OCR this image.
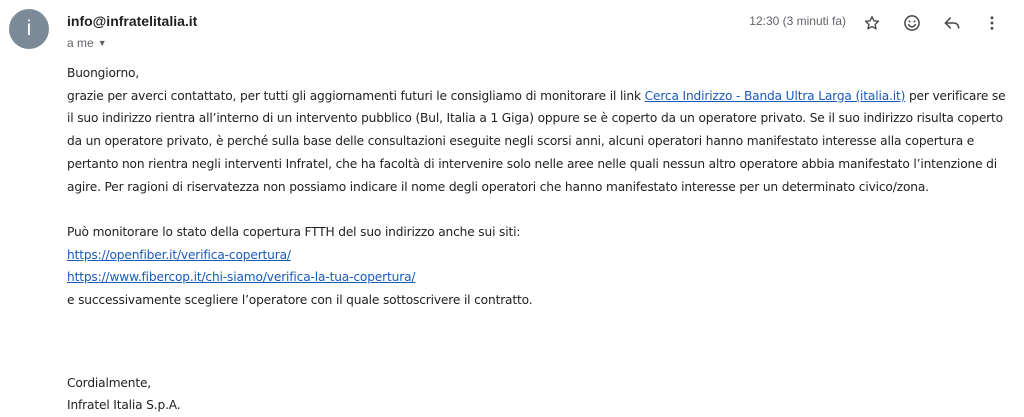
i	info@infratelitalia.it
a me ▼
12:30 (3 minuti fa)

Buongiorno,

grazie per averci contattato, per tutti gli aggiornamenti futuri le consigliamo di monitorare il link Cerca Indirizzo - Banda Ultra Larga (italia.it) per verificare se il suo indirizzo rientra all’interno di un intervento pubblico (Bul, Italia a 1 Giga) oppure se è coperto da un operatore privato. Se il suo indirizzo risulta coperto da un operatore privato, è perché sulla base delle consultazioni eseguite negli scorsi anni, alcuni operatori hanno manifestato interesse alla copertura e pertanto non rientra negli interventi Infratel, che ha facoltà di intervenire solo nelle aree nelle quali nessun altro operatore abbia manifestato l’intenzione di agire. Per ragioni di riservatezza non possiamo indicare il nome degli operatori che hanno manifestato interesse per un determinato civico/zona.

Può monitorare lo stato della copertura FTTH del suo indirizzo anche sui siti:

https://openfiber.it/verifica-copertura/

https://www.fibercop.it/chi-siamo/verifica-la-tua-copertura/

e successivamente scegliere l’operatore con il quale sottoscrivere il contratto.

Cordialmente,

Infratel Italia S.p.A.
